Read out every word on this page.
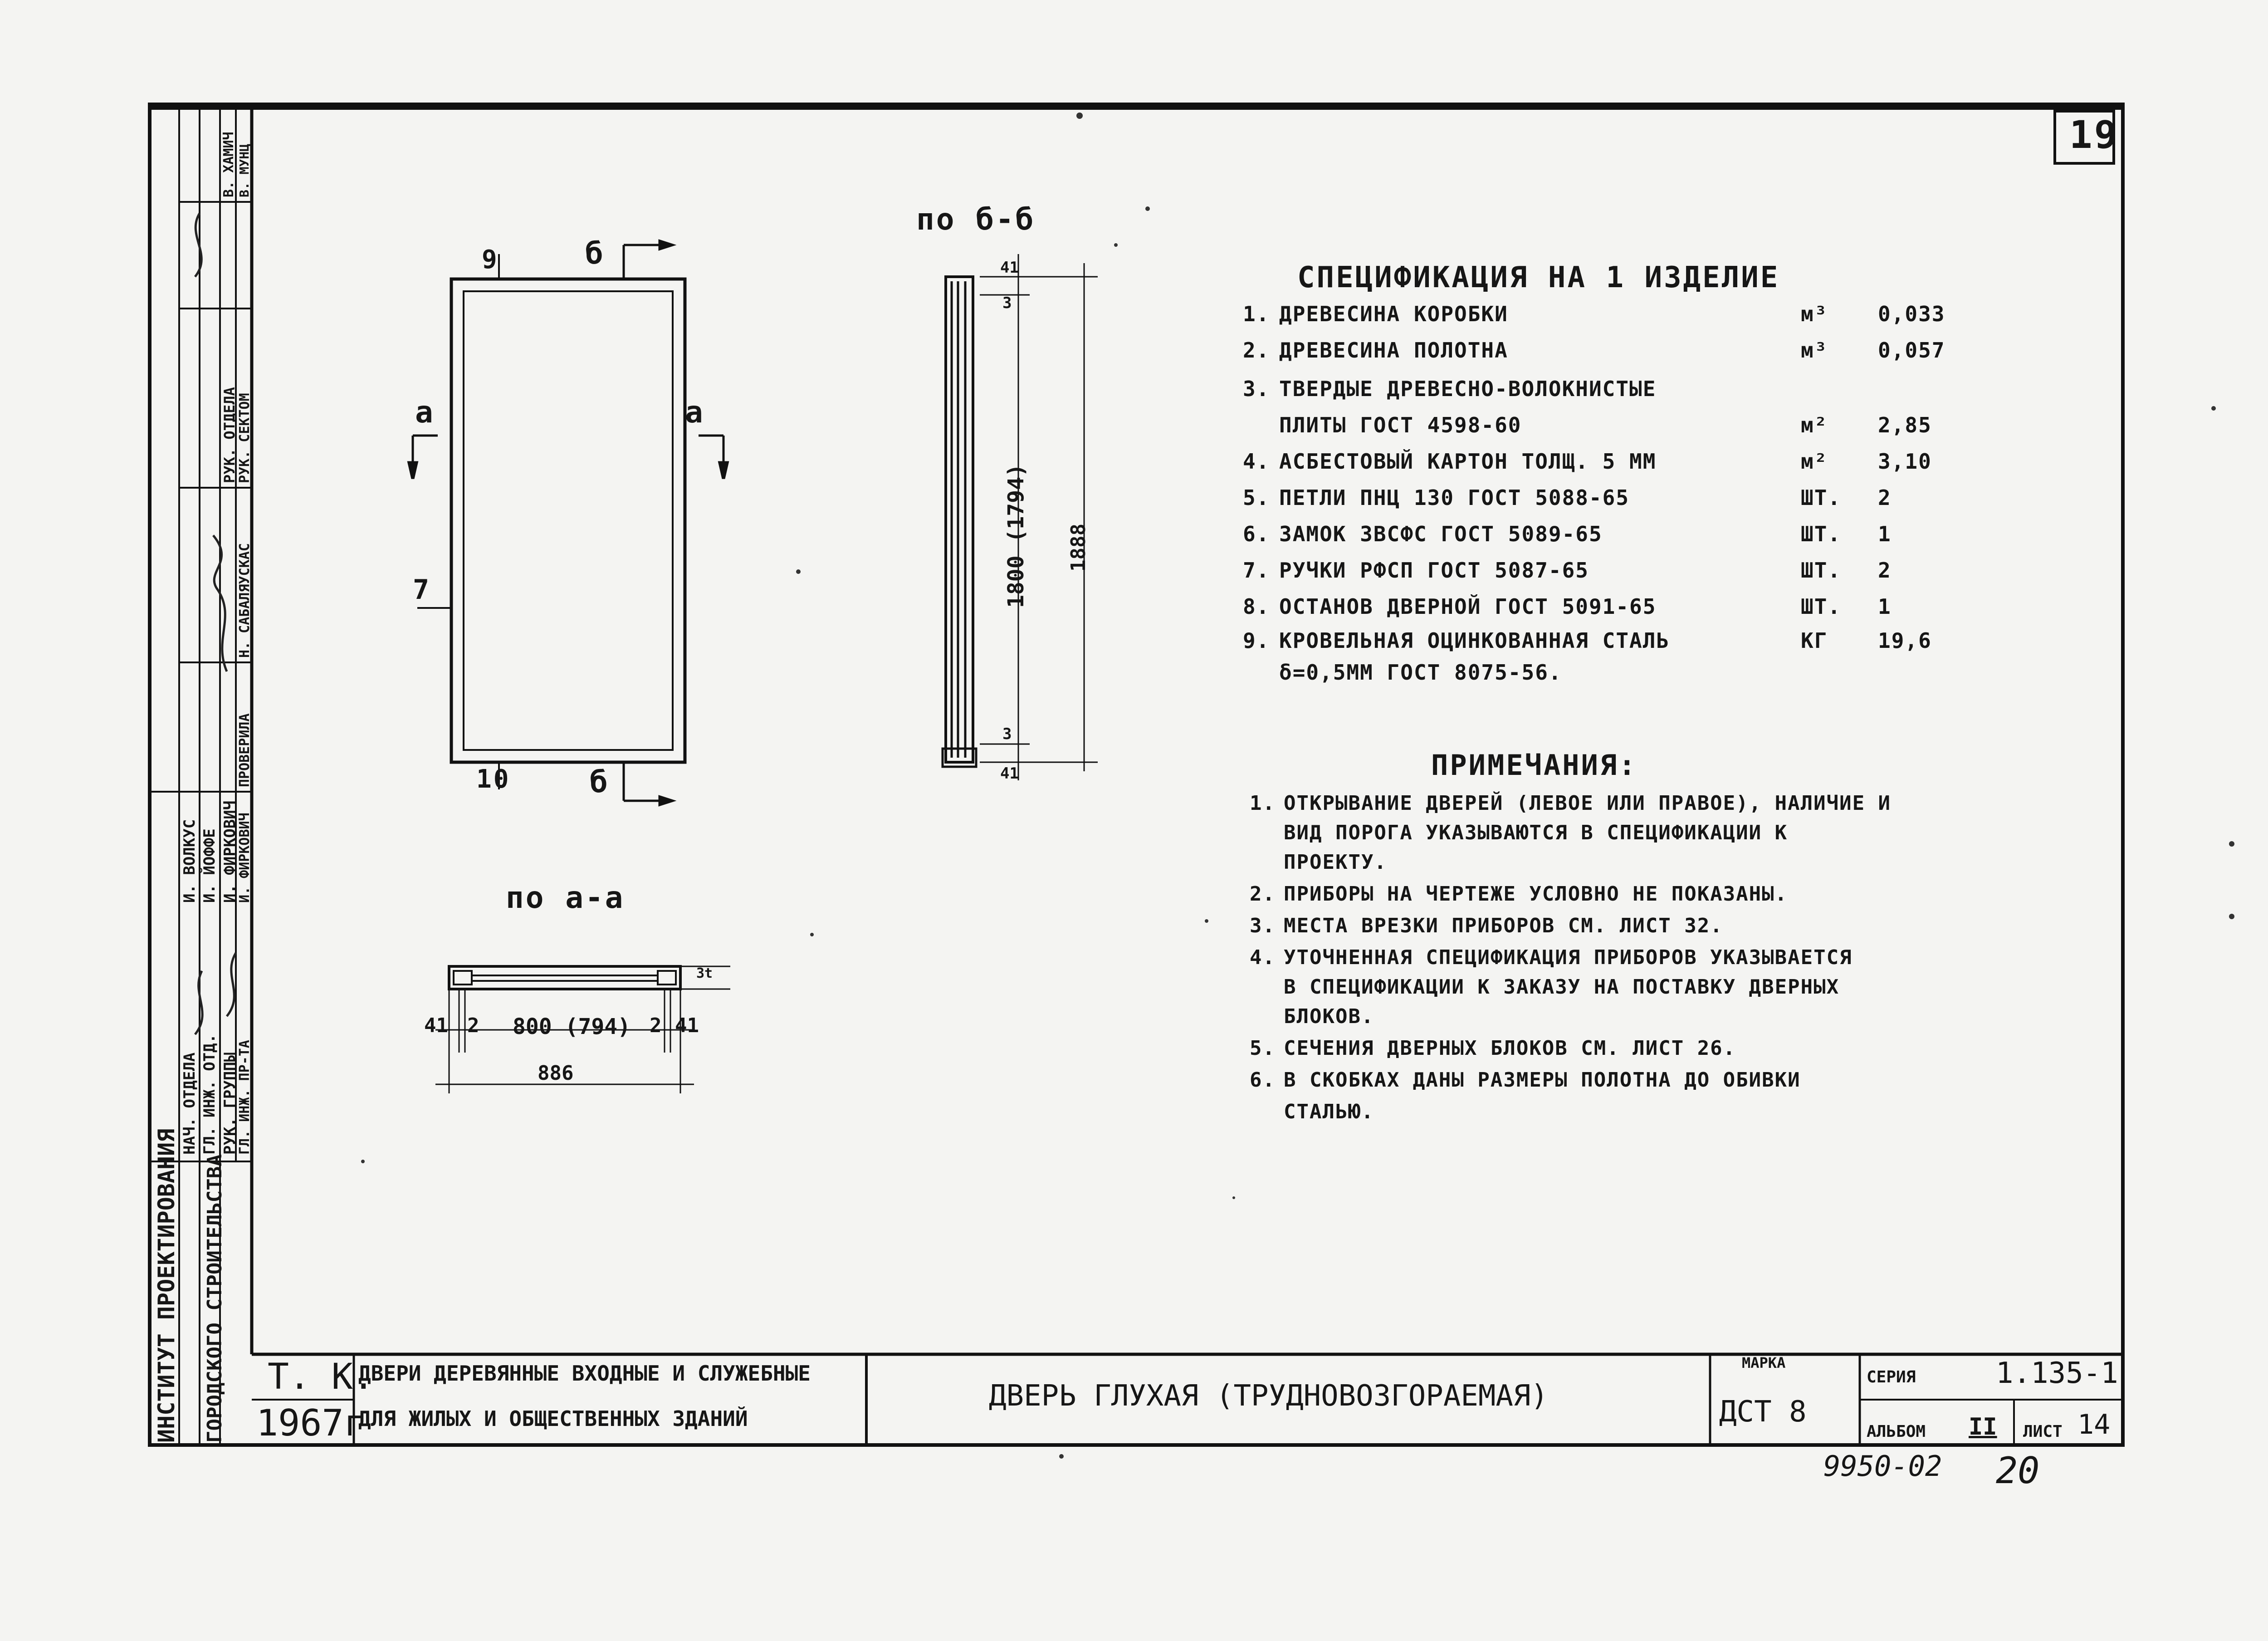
19
по б-б
41
3
3
41
1800 (1794) 1888
9	б
а	а
7
10	б
по а-а
3t
41 2 800 (794) 2 41
886
СПЕЦИФИКАЦИЯ НА 1 ИЗДЕЛИЕ
1. ДРЕВЕСИНА КОРОБКИ	м³ 0,033
2. ДРЕВЕСИНА ПОЛОТНА	м³ 0,057
3. ТВЕРДЫЕ ДРЕВЕСНО-ВОЛОКНИСТЫЕ
ПЛИТЫ ГОСТ 4598-60	м² 2,85
4. АСБЕСТОВЫЙ КАРТОН ТОЛЩ. 5 ММ	м² 3,10
5. ПЕТЛИ ПНЦ 130 ГОСТ 5088-65	ШТ. 2
6. ЗАМОК ЗВСФС ГОСТ 5089-65	ШТ. 1
7. РУЧКИ РФСП ГОСТ 5087-65	ШТ. 2
8. ОСТАНОВ ДВЕРНОЙ ГОСТ 5091-65	ШТ. 1
9. КРОВЕЛЬНАЯ ОЦИНКОВАННАЯ СТАЛЬ	КГ 19,6
δ=0,5ММ ГОСТ 8075-56.
ПРИМЕЧАНИЯ:
1. ОТКРЫВАНИЕ ДВЕРЕЙ (ЛЕВОЕ ИЛИ ПРАВОЕ), НАЛИЧИЕ И
ВИД ПОРОГА УКАЗЫВАЮТСЯ В СПЕЦИФИКАЦИИ К
ПРОЕКТУ.
2. ПРИБОРЫ НА ЧЕРТЕЖЕ УСЛОВНО НЕ ПОКАЗАНЫ.
3. МЕСТА ВРЕЗКИ ПРИБОРОВ СМ. ЛИСТ 32.
4. УТОЧНЕННАЯ СПЕЦИФИКАЦИЯ ПРИБОРОВ УКАЗЫВАЕТСЯ
В СПЕЦИФИКАЦИИ К ЗАКАЗУ НА ПОСТАВКУ ДВЕРНЫХ
БЛОКОВ.
5. СЕЧЕНИЯ ДВЕРНЫХ БЛОКОВ СМ. ЛИСТ 26.
6. В СКОБКАХ ДАНЫ РАЗМЕРЫ ПОЛОТНА ДО ОБИВКИ
СТАЛЬЮ.
Т. К.
1967г
ДВЕРИ ДЕРЕВЯННЫЕ ВХОДНЫЕ И СЛУЖЕБНЫЕ
ДЛЯ ЖИЛЫХ И ОБЩЕСТВЕННЫХ ЗДАНИЙ
ДВЕРЬ ГЛУХАЯ (ТРУДНОВОЗГОРАЕМАЯ)
МАРКА
ДСТ 8
СЕРИЯ	1.135-1
АЛЬБОМ II ЛИСТ 14
9950-02 20
ИНСТИТУТ ПРОЕКТИРОВАНИЯ ГОРОДСКОГО СТРОИТЕЛЬСТВА
НАЧ. ОТДЕЛА ГЛ. ИНЖ. ОТД. РУК. ГРУППЫ
ГЛ. ИНЖ. ПР-ТА
И. ВОЛКУС И. ЙОФФЕ И. ФИРКОВИЧ
И. ФИРКОВИЧ
ПРОВЕРИЛА
Н. САБАЛЯУСКАС
РУК. ОТДЕЛА
РУК. СЕКТОМ
В. ХАМИЧ В. МУНЦ
